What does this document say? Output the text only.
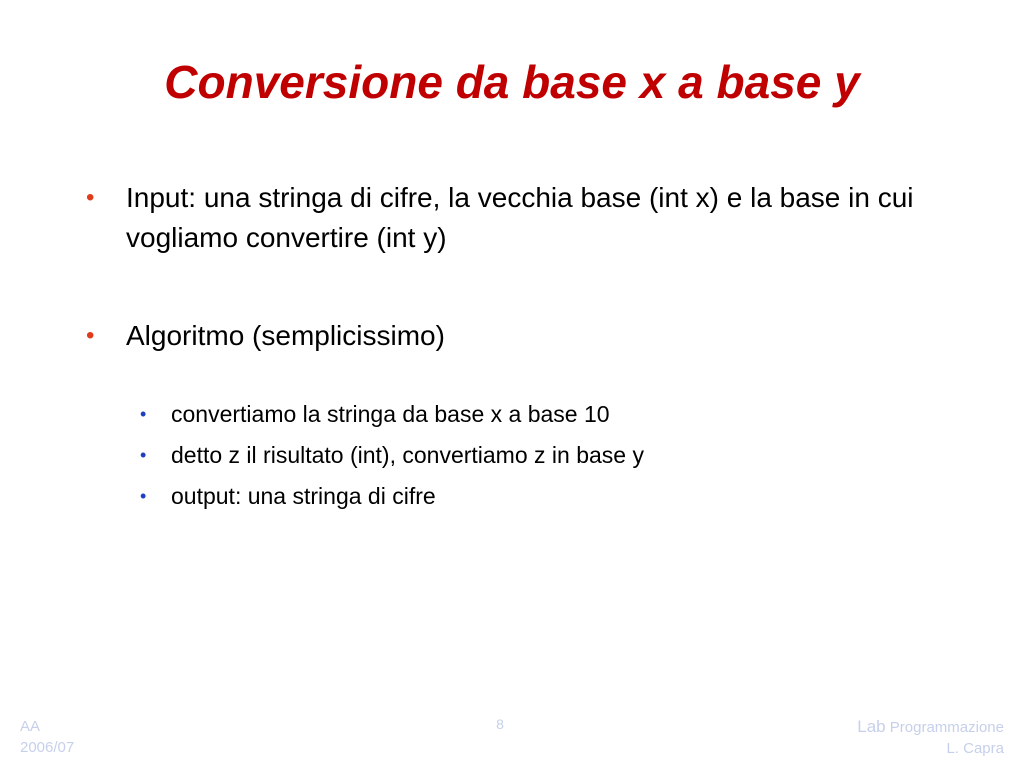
Conversione da base x a base y
• Input: una stringa di cifre, la vecchia base (int x) e la base in cui vogliamo convertire (int y)
• Algoritmo (semplicissimo)
• convertiamo la stringa da base x a base 10
• detto z il risultato (int), convertiamo z in base y
• output: una stringa di cifre
AA
2006/07
8	Lab Programmazione
L. Capra
